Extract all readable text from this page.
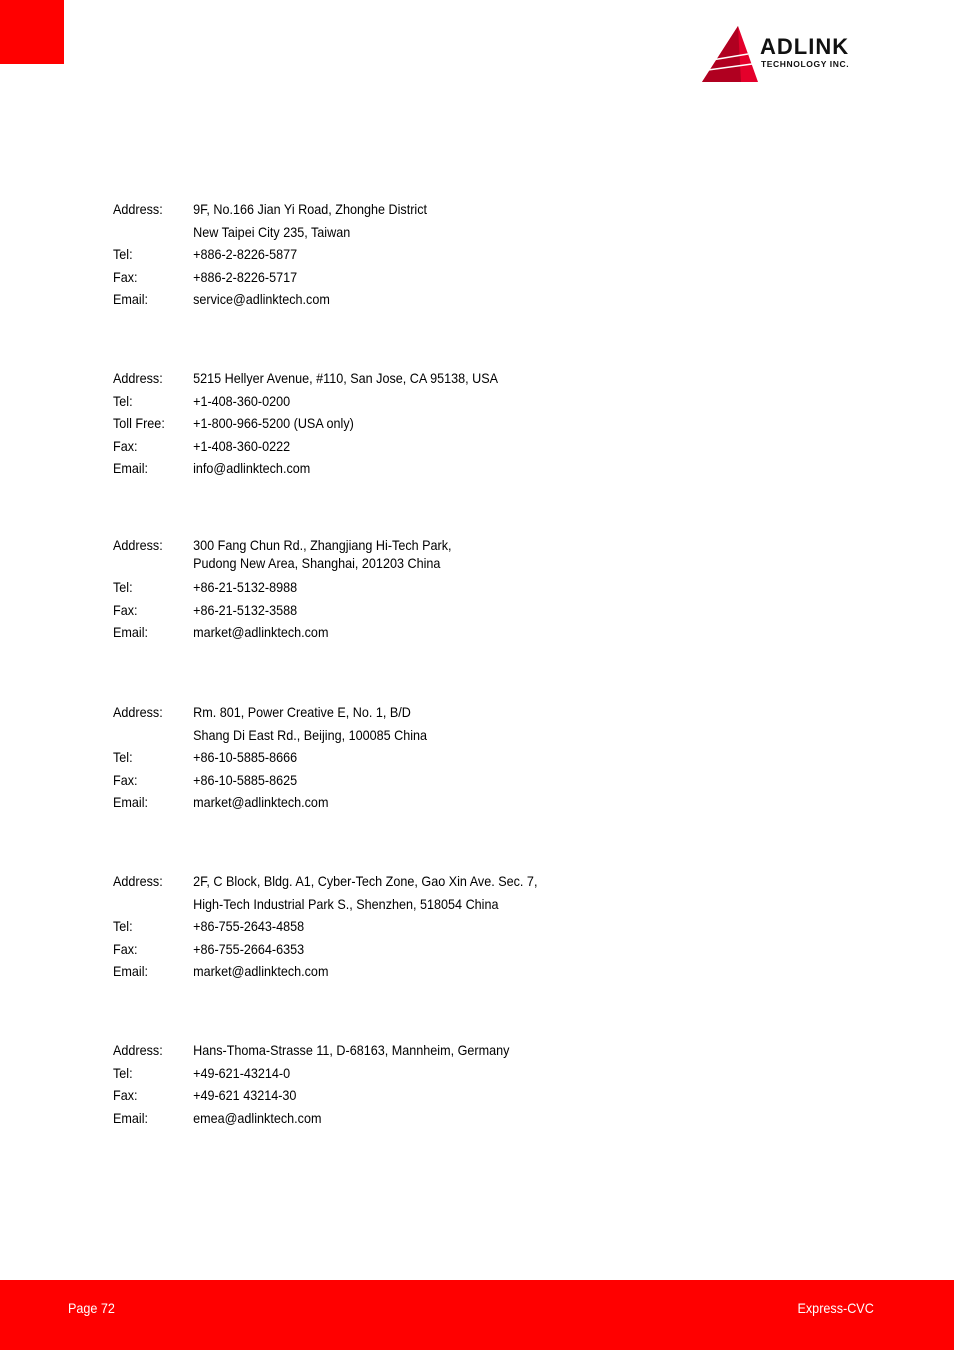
ADLINK
TECHNOLOGY INC.
Address: 9F, No.166 Jian Yi Road, Zhonghe District
New Taipei City 235, Taiwan
Tel:	+886-2-8226-5877
Fax:	+886-2-8226-5717
Email:	service@adlinktech.com
Address: 5215 Hellyer Avenue, #110, San Jose, CA 95138, USA
Tel:	+1-408-360-0200
Toll Free: +1-800-966-5200 (USA only)
Fax:	+1-408-360-0222
Email:	info@adlinktech.com
Address: 300 Fang Chun Rd., Zhangjiang Hi-Tech Park,
Pudong New Area, Shanghai, 201203 China
Tel:	+86-21-5132-8988
Fax:	+86-21-5132-3588
Email:	market@adlinktech.com
Address: Rm. 801, Power Creative E, No. 1, B/D
Shang Di East Rd., Beijing, 100085 China
Tel:	+86-10-5885-8666
Fax:	+86-10-5885-8625
Email:	market@adlinktech.com
Address: 2F, C Block, Bldg. A1, Cyber-Tech Zone, Gao Xin Ave. Sec. 7,
High-Tech Industrial Park S., Shenzhen, 518054 China
Tel:	+86-755-2643-4858
Fax:	+86-755-2664-6353
Email:	market@adlinktech.com
Address: Hans-Thoma-Strasse 11, D-68163, Mannheim, Germany
Tel:	+49-621-43214-0
Fax:	+49-621 43214-30
Email:	emea@adlinktech.com
Page 72	Express-CVC
